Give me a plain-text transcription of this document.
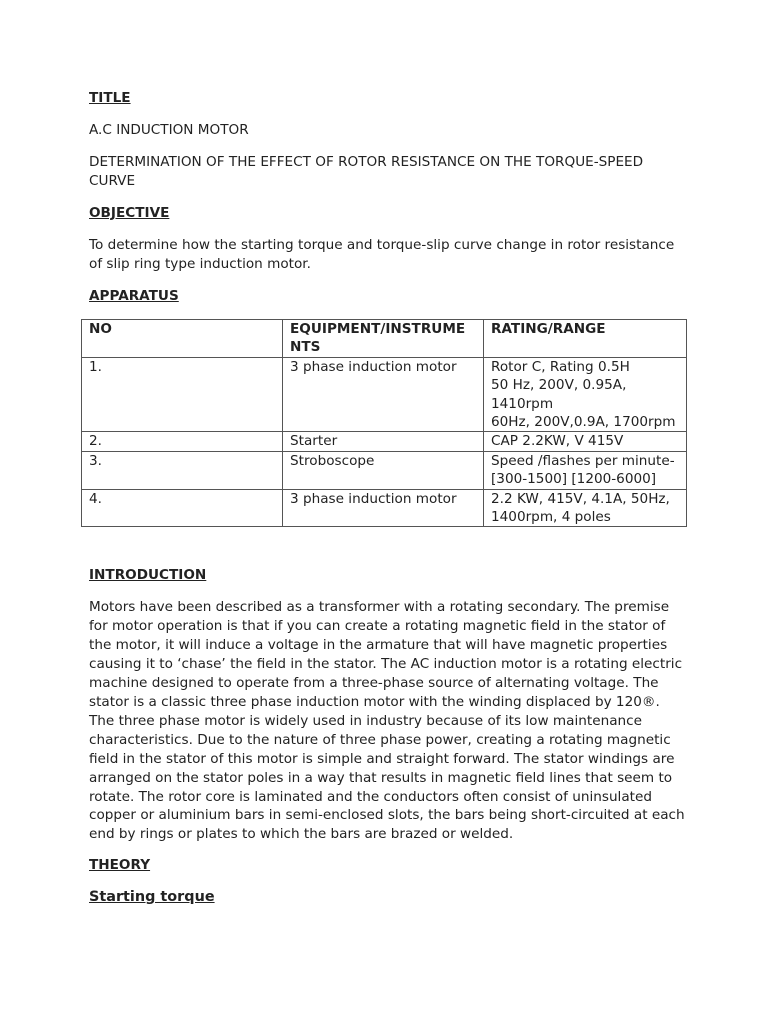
TITLE
A.C INDUCTION MOTOR
DETERMINATION OF THE EFFECT OF ROTOR RESISTANCE ON THE TORQUE-SPEED CURVE
OBJECTIVE
To determine how the starting torque and torque-slip curve change in rotor resistance of slip ring type induction motor.
APPARATUS
NO	EQUIPMENT/INSTRUME NTS	RATING/RANGE
1.	3 phase induction motor	Rotor C, Rating 0.5H
50 Hz, 200V, 0.95A, 1410rpm
60Hz, 200V,0.9A, 1700rpm

2.	Starter	CAP 2.2KW, V 415V

3.	Stroboscope	Speed /flashes per minute- [300-1500] [1200-6000]

4.	3 phase induction motor	2.2 KW, 415V, 4.1A, 50Hz, 1400rpm, 4 poles
INTRODUCTION
Motors have been described as a transformer with a rotating secondary. The premise for motor operation is that if you can create a rotating magnetic field in the stator of the motor, it will induce a voltage in the armature that will have magnetic properties causing it to ‘chase’ the field in the stator. The AC induction motor is a rotating electric machine designed to operate from a three-phase source of alternating voltage. The stator is a classic three phase induction motor with the winding displaced by 120®. The three phase motor is widely used in industry because of its low maintenance characteristics. Due to the nature of three phase power, creating a rotating magnetic field in the stator of this motor is simple and straight forward. The stator windings are arranged on the stator poles in a way that results in magnetic field lines that seem to rotate. The rotor core is laminated and the conductors often consist of uninsulated copper or aluminium bars in semi-enclosed slots, the bars being short-circuited at each end by rings or plates to which the bars are brazed or welded.
THEORY
Starting torque
